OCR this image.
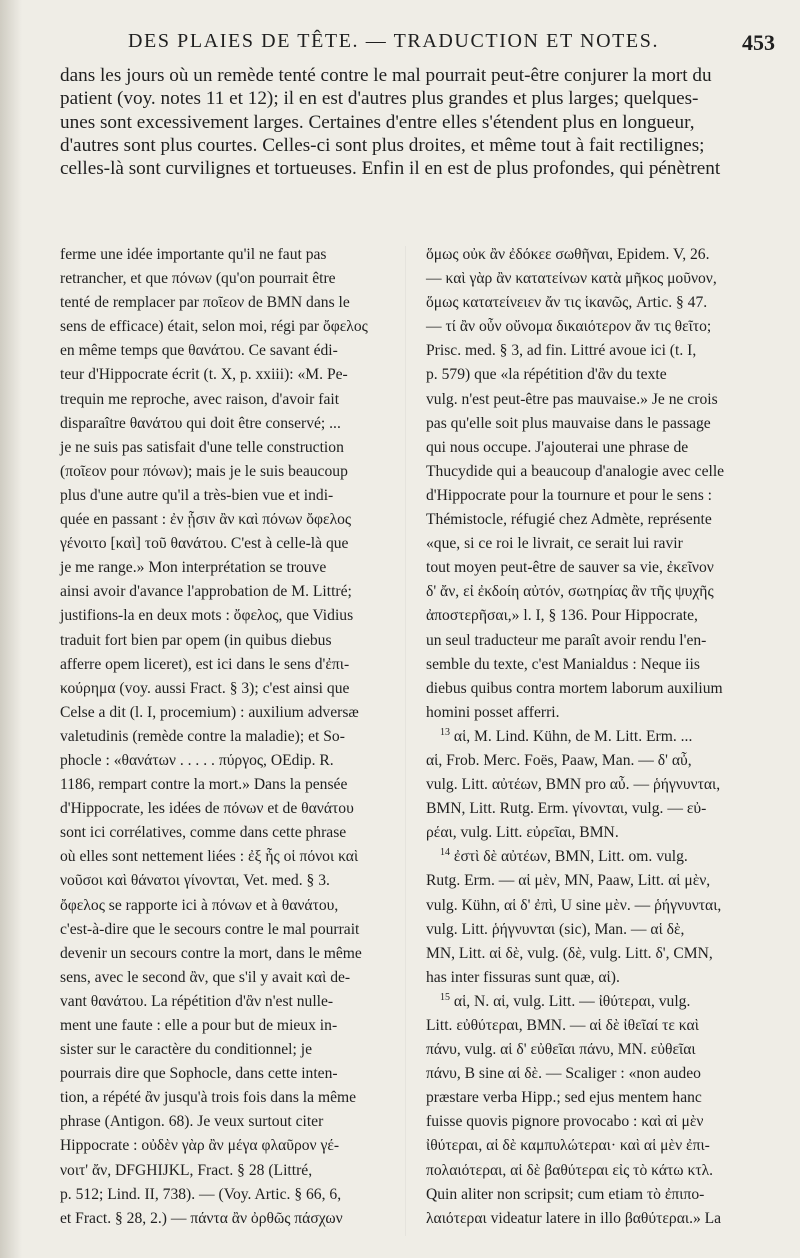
DES PLAIES DE TÊTE. — TRADUCTION ET NOTES.	453
dans les jours où un remède tenté contre le mal pourrait peut-être conjurer la mort du
patient (voy. notes 11 et 12); il en est d'autres plus grandes et plus larges; quelques-
unes sont excessivement larges. Certaines d'entre elles s'étendent plus en longueur,
d'autres sont plus courtes. Celles-ci sont plus droites, et même tout à fait rectilignes;
celles-là sont curvilignes et tortueuses. Enfin il en est de plus profondes, qui pénètrent
ferme une idée importante qu'il ne faut pas
retrancher, et que πόνων (qu'on pourrait être
tenté de remplacer par ποῖεον de BMN dans le
sens de efficace) était, selon moi, régi par ὄφελος
en même temps que θανάτου. Ce savant édi-
teur d'Hippocrate écrit (t. X, p. xxiii): «M. Pe-
trequin me reproche, avec raison, d'avoir fait
disparaître θανάτου qui doit être conservé; ...
je ne suis pas satisfait d'une telle construction
(ποῖεον pour πόνων); mais je le suis beaucoup
plus d'une autre qu'il a très-bien vue et indi-
quée en passant : ἐν ᾗσιν ἂν καὶ πόνων ὄφελος
γένοιτο [καὶ] τοῦ θανάτου. C'est à celle-là que
je me range.» Mon interprétation se trouve
ainsi avoir d'avance l'approbation de M. Littré;
justifions-la en deux mots : ὄφελος, que Vidius
traduit fort bien par opem (in quibus diebus
afferre opem liceret), est ici dans le sens d'ἐπι-
κούρημα (voy. aussi Fract. § 3); c'est ainsi que
Celse a dit (l. I, procemium) : auxilium adversæ
valetudinis (remède contre la maladie); et So-
phocle : «θανάτων . . . . . πύργος, OEdip. R.
1186, rempart contre la mort.» Dans la pensée
d'Hippocrate, les idées de πόνων et de θανάτου
sont ici corrélatives, comme dans cette phrase
où elles sont nettement liées : ἐξ ἧς οἱ πόνοι καὶ
νοῦσοι καὶ θάνατοι γίνονται, Vet. med. § 3.
ὄφελος se rapporte ici à πόνων et à θανάτου,
c'est-à-dire que le secours contre le mal pourrait
devenir un secours contre la mort, dans le même
sens, avec le second ἂν, que s'il y avait καὶ de-
vant θανάτου. La répétition d'ἂν n'est nulle-
ment une faute : elle a pour but de mieux in-
sister sur le caractère du conditionnel; je
pourrais dire que Sophocle, dans cette inten-
tion, a répété ἂν jusqu'à trois fois dans la même
phrase (Antigon. 68). Je veux surtout citer
Hippocrate : οὐδὲν γὰρ ἂν μέγα φλαῦρον γέ-
νοιτ' ἄν, DFGHIJKL, Fract. § 28 (Littré,
p. 512; Lind. II, 738). — (Voy. Artic. § 66, 6,
et Fract. § 28, 2.) — πάντα ἂν ὀρθῶς πάσχων
ὅμως οὐκ ἂν ἐδόκεε σωθῆναι, Epidem. V, 26.
— καὶ γὰρ ἂν κατατείνων κατὰ μῆκος μοῦνον,
ὅμως κατατείνειεν ἄν τις ἱκανῶς, Artic. § 47.
— τί ἂν οὖν οὔνομα δικαιότερον ἄν τις θεῖτο;
Prisc. med. § 3, ad fin. Littré avoue ici (t. I,
p. 579) que «la répétition d'ἂν du texte
vulg. n'est peut-être pas mauvaise.» Je ne crois
pas qu'elle soit plus mauvaise dans le passage
qui nous occupe. J'ajouterai une phrase de
Thucydide qui a beaucoup d'analogie avec celle
d'Hippocrate pour la tournure et pour le sens :
Thémistocle, réfugié chez Admète, représente
«que, si ce roi le livrait, ce serait lui ravir
tout moyen peut-être de sauver sa vie, ἐκεῖνον
δ' ἄν, εἰ ἐκδοίη αὐτόν, σωτηρίας ἂν τῆς ψυχῆς
ἀποστερῆσαι,» l. I, § 136. Pour Hippocrate,
un seul traducteur me paraît avoir rendu l'en-
semble du texte, c'est Manialdus : Neque iis
diebus quibus contra mortem laborum auxilium
homini posset afferri.
$^{13}$ αἱ, M. Lind. Kühn, de M. Litt. Erm. ...
αἱ, Frob. Merc. Foës, Paaw, Man. — δ' αὖ,
vulg. Litt. αὐτέων, BMN pro αὖ. — ῥήγνυνται,
BMN, Litt. Rutg. Erm. γίνονται, vulg. — εὐ-
ρέαι, vulg. Litt. εὐρεῖαι, BMN.
$^{14}$ ἐστὶ δὲ αὐτέων, BMN, Litt. om. vulg.
Rutg. Erm. — αἱ μὲν, MN, Paaw, Litt. αἱ μὲν,
vulg. Kühn, αἱ δ' ἐπὶ, U sine μὲν. — ῥήγνυνται,
vulg. Litt. ῥήγνυνται (sic), Man. — αἱ δὲ,
MN, Litt. αἱ δὲ, vulg. (δὲ, vulg. Litt. δ', CMN,
has inter fissuras sunt quæ, αἱ).
$^{15}$ αἱ, N. αἱ, vulg. Litt. — ἰθύτεραι, vulg.
Litt. εὐθύτεραι, BMN. — αἱ δὲ ἰθεῖαί τε καὶ
πάνυ, vulg. αἱ δ' εὐθεῖαι πάνυ, MN. εὐθεῖαι
πάνυ, B sine αἱ δὲ. — Scaliger : «non audeo
præstare verba Hipp.; sed ejus mentem hanc
fuisse quovis pignore provocabo : καὶ αἱ μὲν
ἰθύτεραι, αἱ δὲ καμπυλώτεραι· καὶ αἱ μὲν ἐπι-
πολαιότεραι, αἱ δὲ βαθύτεραι εἰς τὸ κάτω κτλ.
Quin aliter non scripsit; cum etiam τὸ ἐπιπο-
λαιότεραι videatur latere in illo βαθύτεραι.» La
